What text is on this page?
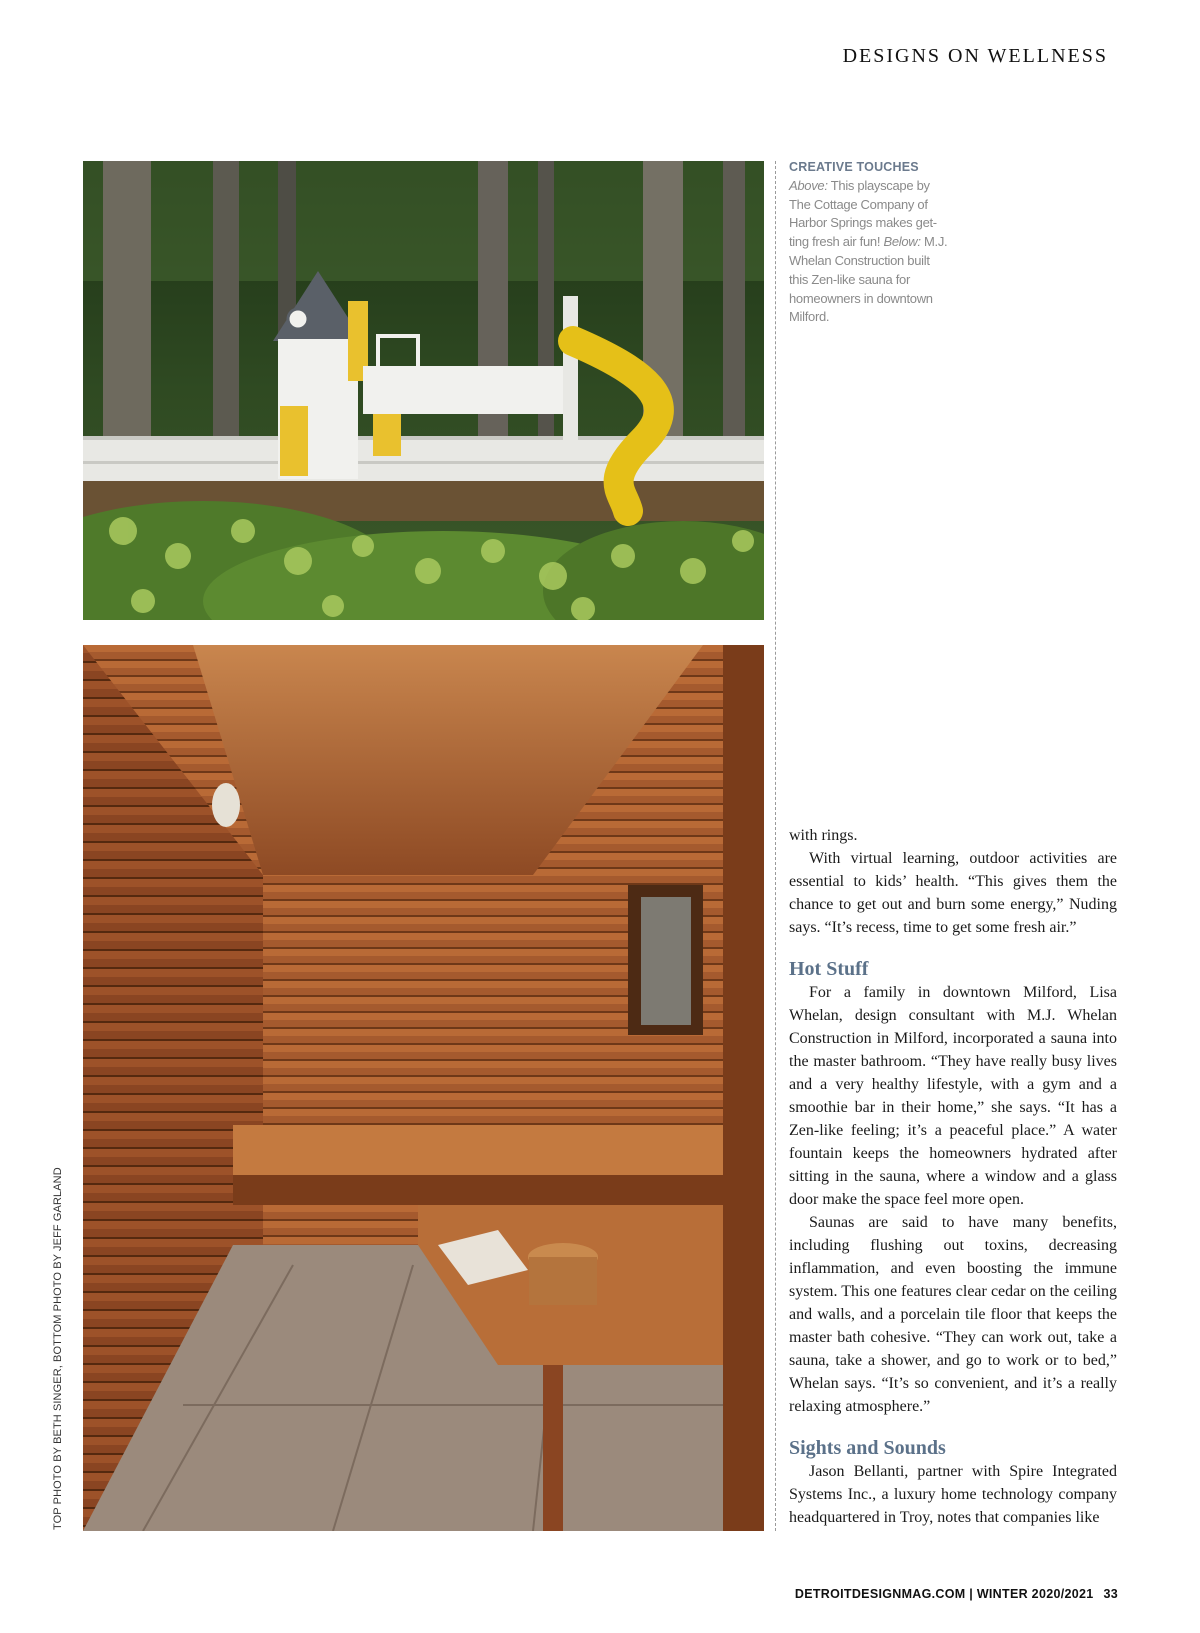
DESIGNS ON WELLNESS
CREATIVE TOUCHES
Above: This playscape by The Cottage Company of Harbor Springs makes get-ting fresh air fun! Below: M.J. Whelan Construction built this Zen-like sauna for homeowners in downtown Milford.
TOP PHOTO BY BETH SINGER, BOTTOM PHOTO BY JEFF GARLAND

with rings.

With virtual learning, outdoor activities are essential to kids’ health. “This gives them the chance to get out and burn some energy,” Nuding says. “It’s recess, time to get some fresh air.”

Hot Stuff

For a family in downtown Milford, Lisa Whelan, design consultant with M.J. Whelan Construction in Milford, incorporated a sauna into the master bathroom. “They have really busy lives and a very healthy lifestyle, with a gym and a smoothie bar in their home,” she says. “It has a Zen-like feeling; it’s a peaceful place.” A water fountain keeps the homeowners hydrated after sitting in the sauna, where a window and a glass door make the space feel more open.

Saunas are said to have many benefits, including flushing out toxins, decreasing inflammation, and even boosting the immune system. This one features clear cedar on the ceiling and walls, and a porcelain tile floor that keeps the master bath cohesive. “They can work out, take a sauna, take a shower, and go to work or to bed,” Whelan says. “It’s so convenient, and it’s a really relaxing atmosphere.”

Sights and Sounds

Jason Bellanti, partner with Spire Integrated Systems Inc., a luxury home technology company headquartered in Troy, notes that companies like

DETROITDESIGNMAG.COM | WINTER 2020/2021 33
